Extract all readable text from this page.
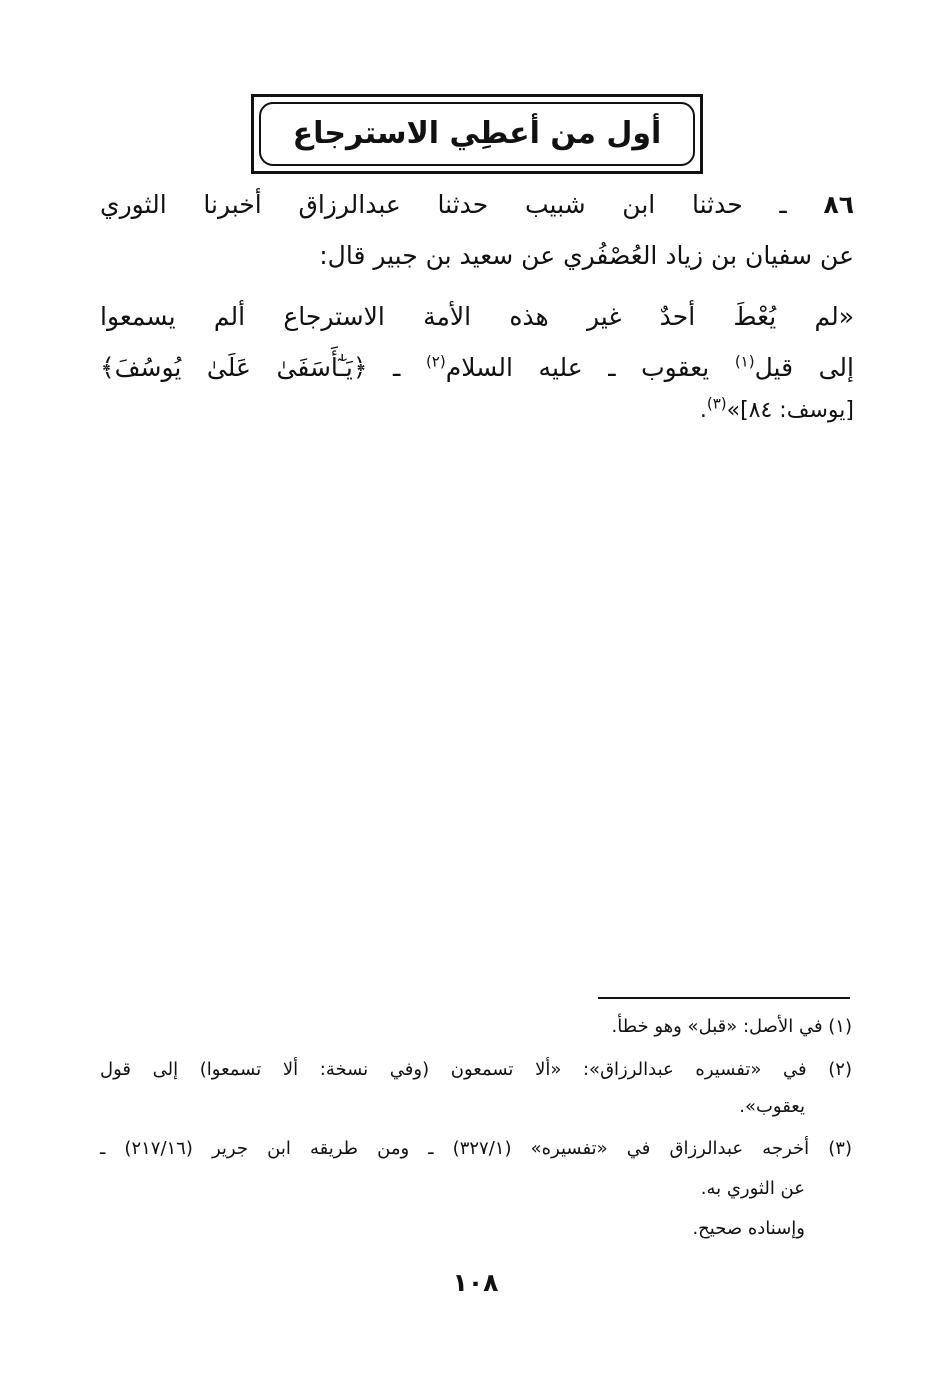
أول من أعطِي الاسترجاع
٨٦ ـ حدثنا ابن شبيب حدثنا عبدالرزاق أخبرنا الثوري
عن سفيان بن زياد العُصْفُري عن سعيد بن جبير قال:
«لم يُعْطَ أحدٌ غير هذه الأمة الاسترجاع ألم يسمعوا
إلى قيل$^{(١)}$ يعقوب ـ عليه السلام$^{(٢)}$ ـ ﴿يَـٰٓأَسَفَىٰ عَلَىٰ يُوسُفَ﴾
[يوسف: ٨٤]»$^{(٣)}$.
(١) في الأصل: «قبل» وهو خطأ.
(٢) في «تفسيره عبدالرزاق»: «ألا تسمعون (وفي نسخة: ألا تسمعوا) إلى قول
يعقوب».
(٣) أخرجه عبدالرزاق في «تفسيره» (٣٢٧/١) ـ ومن طريقه ابن جرير (٢١٧/١٦) ـ
عن الثوري به.
وإسناده صحيح.
١٠٨
